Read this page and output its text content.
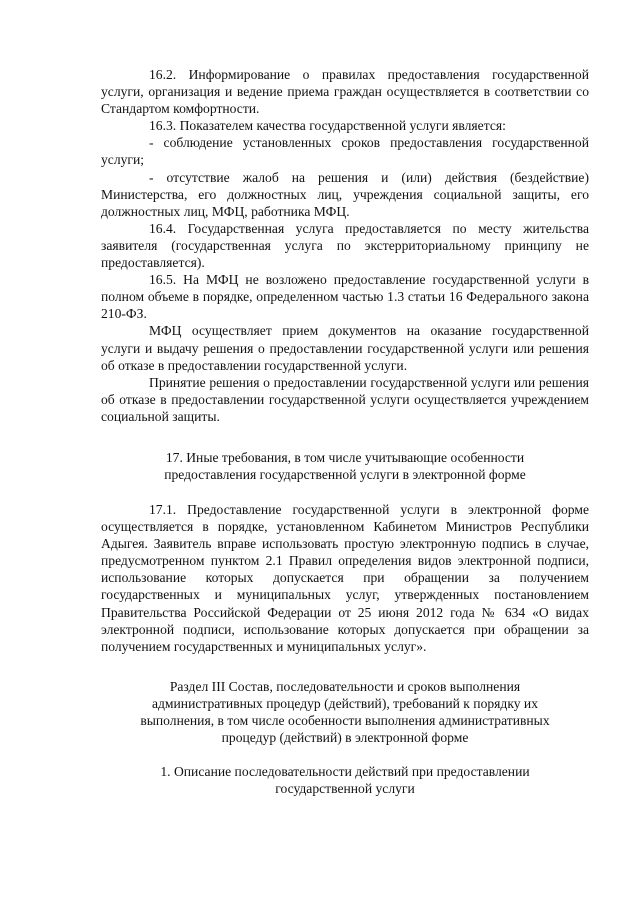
16.2. Информирование о правилах предоставления государственной услуги, организация и ведение приема граждан осуществляется в соответствии со Стандартом комфортности.

16.3. Показателем качества государственной услуги является:

- соблюдение установленных сроков предоставления государственной услуги;

- отсутствие жалоб на решения и (или) действия (бездействие) Министерства, его должностных лиц, учреждения социальной защиты, его должностных лиц, МФЦ, работника МФЦ.

16.4. Государственная услуга предоставляется по месту жительства заявителя (государственная услуга по экстерриториальному принципу не предоставляется).

16.5. На МФЦ не возложено предоставление государственной услуги в полном объеме в порядке, определенном частью 1.3 статьи 16 Федерального закона 210-ФЗ.

МФЦ осуществляет прием документов на оказание государственной услуги и выдачу решения о предоставлении государственной услуги или решения об отказе в предоставлении государственной услуги.

Принятие решения о предоставлении государственной услуги или решения об отказе в предоставлении государственной услуги осуществляется учреждением социальной защиты.

17. Иные требования, в том числе учитывающие особенности
предоставления государственной услуги в электронной форме

17.1. Предоставление государственной услуги в электронной форме осуществляется в порядке, установленном Кабинетом Министров Республики Адыгея. Заявитель вправе использовать простую электронную подпись в случае, предусмотренном пунктом 2.1 Правил определения видов электронной подписи, использование которых допускается при обращении за получением государственных и муниципальных услуг, утвержденных постановлением Правительства Российской Федерации от 25 июня 2012 года № 634 «О видах электронной подписи, использование которых допускается при обращении за получением государственных и муниципальных услуг».

Раздел III Состав, последовательности и сроков выполнения
административных процедур (действий), требований к порядку их
выполнения, в том числе особенности выполнения административных
процедур (действий) в электронной форме
1. Описание последовательности действий при предоставлении
государственной услуги
